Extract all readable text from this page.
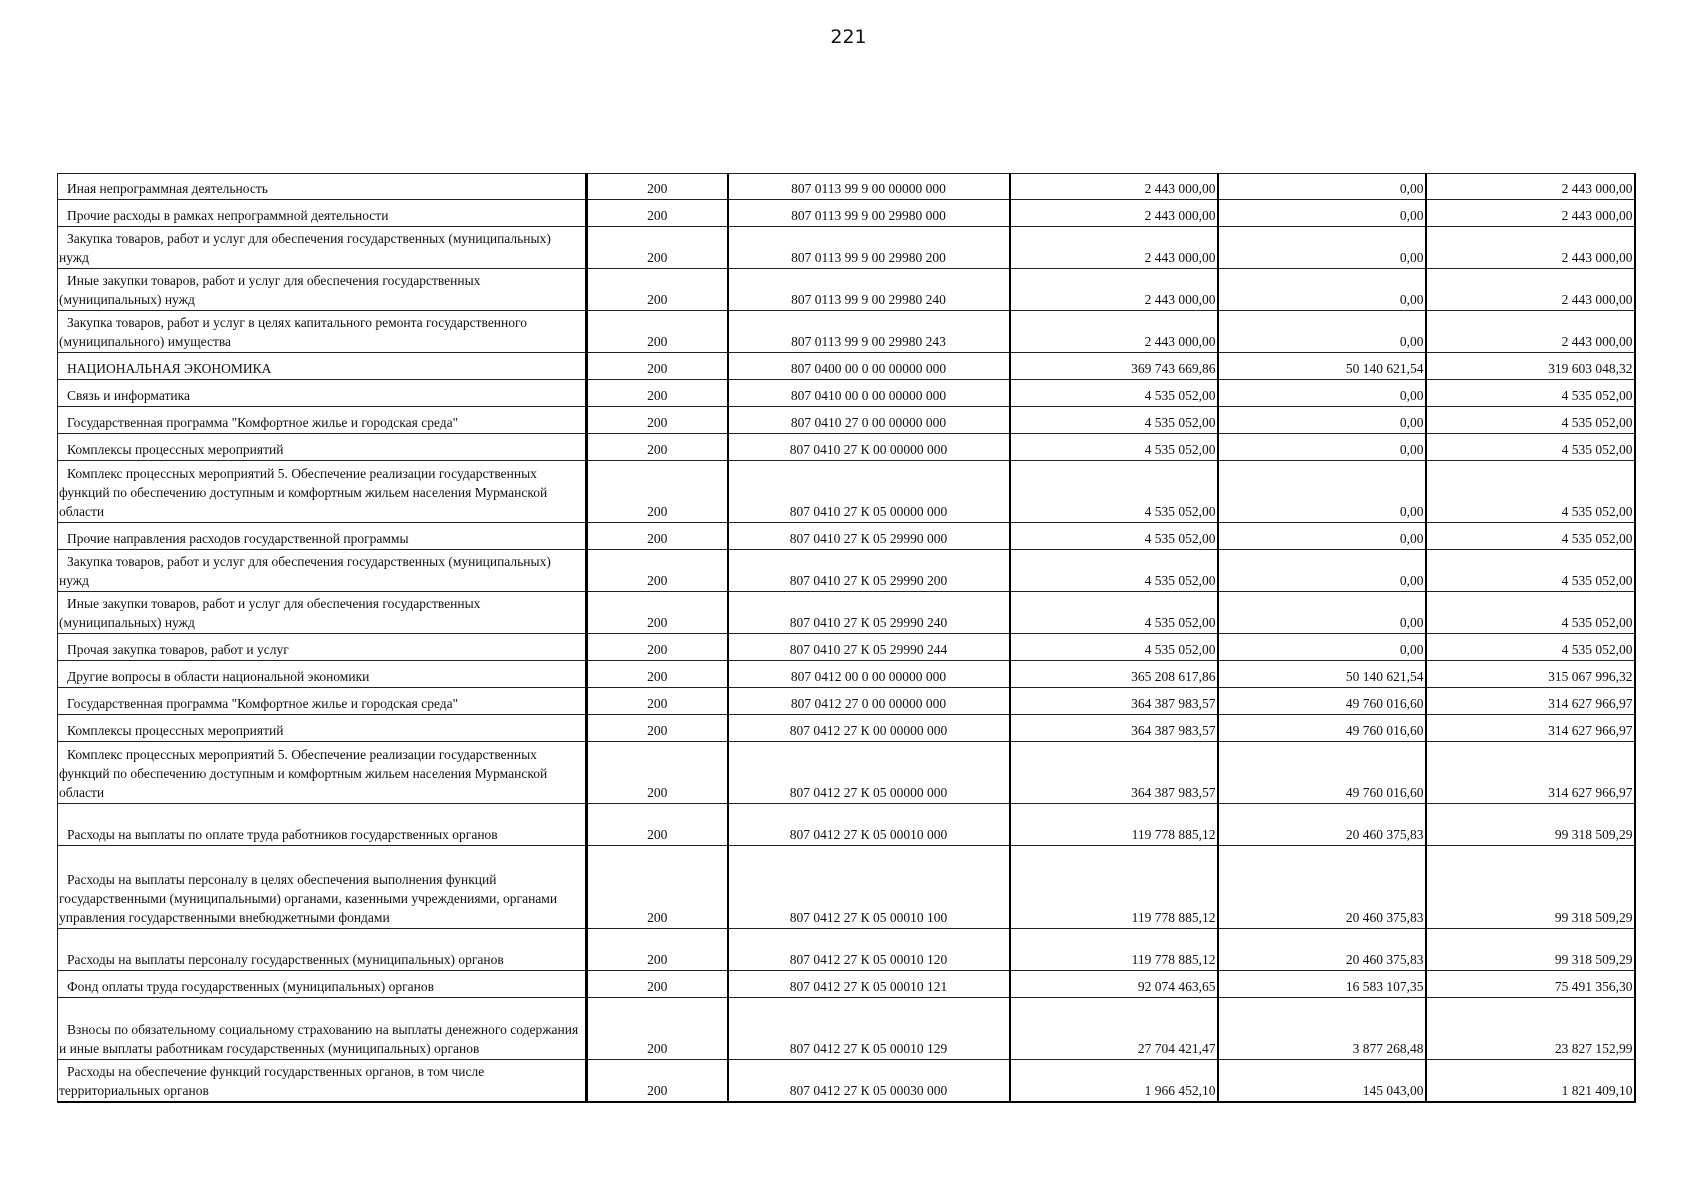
221
Иная непрограммная деятельность	200	807 0113 99 9 00 00000 000	2 443 000,00	0,00	2 443 000,00
Прочие расходы в рамках непрограммной деятельности	200	807 0113 99 9 00 29980 000	2 443 000,00	0,00	2 443 000,00
Закупка товаров, работ и услуг для обеспечения государственных (муниципальных) нужд	200	807 0113 99 9 00 29980 200	2 443 000,00	0,00	2 443 000,00
Иные закупки товаров, работ и услуг для обеспечения государственных (муниципальных) нужд	200	807 0113 99 9 00 29980 240	2 443 000,00	0,00	2 443 000,00
Закупка товаров, работ и услуг в целях капитального ремонта государственного (муниципального) имущества	200	807 0113 99 9 00 29980 243	2 443 000,00	0,00	2 443 000,00
НАЦИОНАЛЬНАЯ ЭКОНОМИКА	200	807 0400 00 0 00 00000 000	369 743 669,86	50 140 621,54	319 603 048,32
Связь и информатика	200	807 0410 00 0 00 00000 000	4 535 052,00	0,00	4 535 052,00
Государственная программа "Комфортное жилье и городская среда"	200	807 0410 27 0 00 00000 000	4 535 052,00	0,00	4 535 052,00
Комплексы процессных мероприятий	200	807 0410 27 К 00 00000 000	4 535 052,00	0,00	4 535 052,00
Комплекс процессных мероприятий 5. Обеспечение реализации государственных функций по обеспечению доступным и комфортным жильем населения Мурманской области	200	807 0410 27 К 05 00000 000	4 535 052,00	0,00	4 535 052,00
Прочие направления расходов государственной программы	200	807 0410 27 К 05 29990 000	4 535 052,00	0,00	4 535 052,00
Закупка товаров, работ и услуг для обеспечения государственных (муниципальных) нужд	200	807 0410 27 К 05 29990 200	4 535 052,00	0,00	4 535 052,00
Иные закупки товаров, работ и услуг для обеспечения государственных (муниципальных) нужд	200	807 0410 27 К 05 29990 240	4 535 052,00	0,00	4 535 052,00
Прочая закупка товаров, работ и услуг	200	807 0410 27 К 05 29990 244	4 535 052,00	0,00	4 535 052,00
Другие вопросы в области национальной экономики	200	807 0412 00 0 00 00000 000	365 208 617,86	50 140 621,54	315 067 996,32
Государственная программа "Комфортное жилье и городская среда"	200	807 0412 27 0 00 00000 000	364 387 983,57	49 760 016,60	314 627 966,97
Комплексы процессных мероприятий	200	807 0412 27 К 00 00000 000	364 387 983,57	49 760 016,60	314 627 966,97
Комплекс процессных мероприятий 5. Обеспечение реализации государственных функций по обеспечению доступным и комфортным жильем населения Мурманской области	200	807 0412 27 К 05 00000 000	364 387 983,57	49 760 016,60	314 627 966,97
Расходы на выплаты по оплате труда работников государственных органов	200	807 0412 27 К 05 00010 000	119 778 885,12	20 460 375,83	99 318 509,29
Расходы на выплаты персоналу в целях обеспечения выполнения функций государственными (муниципальными) органами, казенными учреждениями, органами управления государственными внебюджетными фондами	200	807 0412 27 К 05 00010 100	119 778 885,12	20 460 375,83	99 318 509,29
Расходы на выплаты персоналу государственных (муниципальных) органов	200	807 0412 27 К 05 00010 120	119 778 885,12	20 460 375,83	99 318 509,29
Фонд оплаты труда государственных (муниципальных) органов	200	807 0412 27 К 05 00010 121	92 074 463,65	16 583 107,35	75 491 356,30
Взносы по обязательному социальному страхованию на выплаты денежного содержания и иные выплаты работникам государственных (муниципальных) органов	200	807 0412 27 К 05 00010 129	27 704 421,47	3 877 268,48	23 827 152,99
Расходы на обеспечение функций государственных органов, в том числе территориальных органов	200	807 0412 27 К 05 00030 000	1 966 452,10	145 043,00	1 821 409,10
